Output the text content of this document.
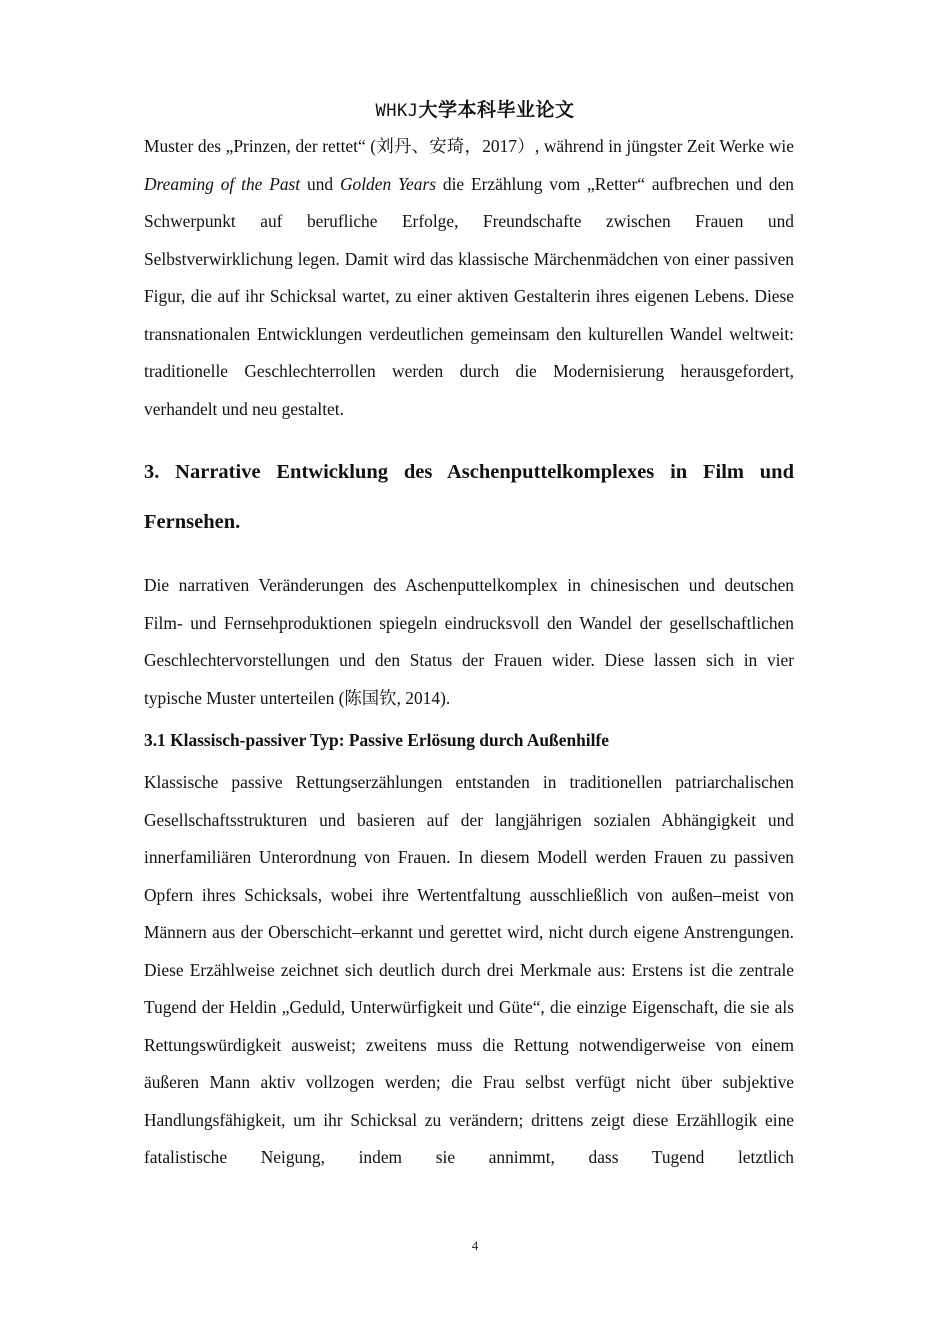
WHKJ大学本科毕业论文

Muster des „Prinzen, der rettet“ (刘丹、安琦，2017）, während in jüngster Zeit Werke wie Dreaming of the Past und Golden Years die Erzählung vom „Retter“ aufbrechen und den Schwerpunkt auf berufliche Erfolge, Freundschafte zwischen Frauen und Selbstverwirklichung legen. Damit wird das klassische Märchenmädchen von einer passiven Figur, die auf ihr Schicksal wartet, zu einer aktiven Gestalterin ihres eigenen Lebens. Diese transnationalen Entwicklungen verdeutlichen gemeinsam den kulturellen Wandel weltweit: traditionelle Geschlechterrollen werden durch die Modernisierung herausgefordert, verhandelt und neu gestaltet.

3. Narrative Entwicklung des Aschenputtelkomplexes in Film und Fernsehen.

Die narrativen Veränderungen des Aschenputtelkomplex in chinesischen und deutschen Film- und Fernsehproduktionen spiegeln eindrucksvoll den Wandel der gesellschaftlichen Geschlechtervorstellungen und den Status der Frauen wider. Diese lassen sich in vier typische Muster unterteilen (陈国钦, 2014).

3.1 Klassisch-passiver Typ: Passive Erlösung durch Außenhilfe

Klassische passive Rettungserzählungen entstanden in traditionellen patriarchalischen Gesellschaftsstrukturen und basieren auf der langjährigen sozialen Abhängigkeit und innerfamiliären Unterordnung von Frauen. In diesem Modell werden Frauen zu passiven Opfern ihres Schicksals, wobei ihre Wertentfaltung ausschließlich von außen–meist von Männern aus der Oberschicht–erkannt und gerettet wird, nicht durch eigene Anstrengungen. Diese Erzählweise zeichnet sich deutlich durch drei Merkmale aus: Erstens ist die zentrale Tugend der Heldin „Geduld, Unterwürfigkeit und Güte“, die einzige Eigenschaft, die sie als Rettungswürdigkeit ausweist; zweitens muss die Rettung notwendigerweise von einem äußeren Mann aktiv vollzogen werden; die Frau selbst verfügt nicht über subjektive Handlungsfähigkeit, um ihr Schicksal zu verändern; drittens zeigt diese Erzähllogik eine fatalistische Neigung, indem sie annimmt, dass Tugend letztlich

4
